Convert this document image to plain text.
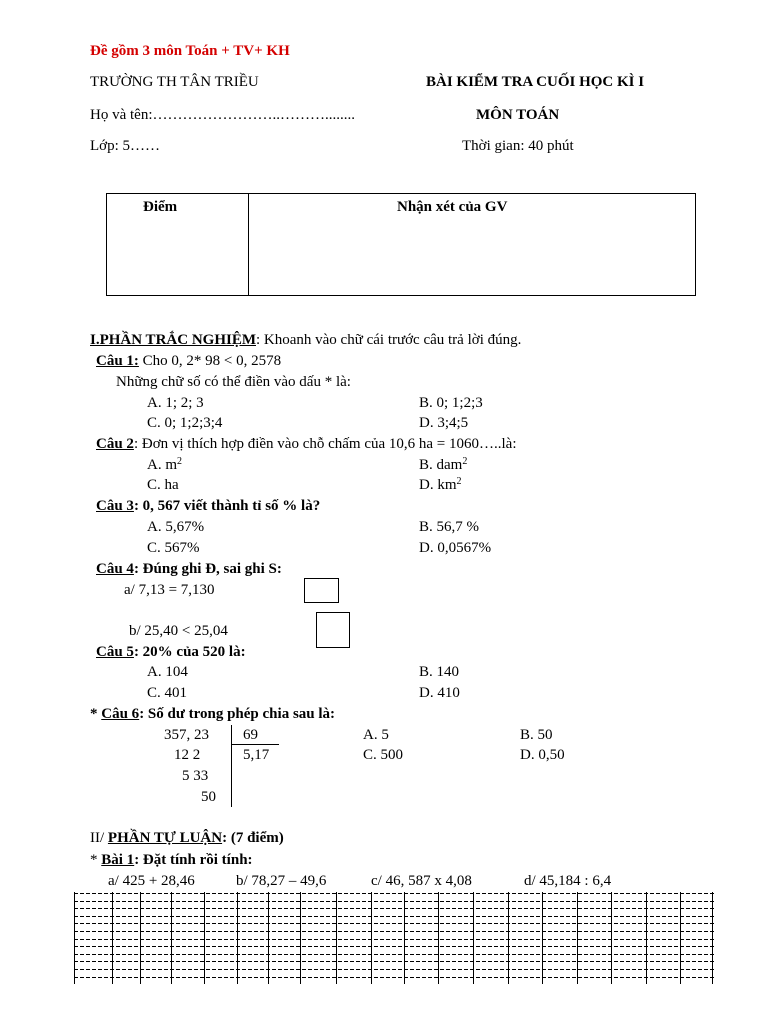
Đề gồm 3 môn Toán + TV+ KH
TRƯỜNG TH TÂN TRIỀU	BÀI KIỂM TRA CUỐI HỌC KÌ I
Họ và tên:……………………..………........	MÔN TOÁN
Lớp: 5……	Thời gian: 40 phút
Điểm	Nhận xét của GV
I.PHẦN TRẮC NGHIỆM: Khoanh vào chữ cái trước câu trả lời đúng.
Câu 1: Cho 0, 2* 98 < 0, 2578
Những chữ số có thể điền vào dấu * là:
A. 1; 2; 3	B. 0; 1;2;3
C. 0; 1;2;3;4	D. 3;4;5
Câu 2: Đơn vị thích hợp điền vào chỗ chấm của 10,6 ha = 1060…..là:
A. $m^2$	B. dam$^2$
C. ha	D. $km^2$
Câu 3: 0, 567 viết thành tỉ số % là?
A. 5,67%	B. 56,7 %
C. 567%	D. 0,0567%
Câu 4: Đúng ghi Đ, sai ghi S:
a/ 7,13 = 7,130
b/ 25,40 < 25,04
Câu 5: 20% của 520 là:
A. 104	B. 140
C. 401	D. 410
* Câu 6: Số dư trong phép chia sau là:
357, 23 69
12 2	5,17
5 33
50
A. 5	B. 50
C. 500	D. 0,50
II/ PHẦN TỰ LUẬN: (7 điểm)
* Bài 1: Đặt tính rồi tính:
a/ 425 + 28,46	b/ 78,27 – 49,6	c/ 46, 587 x 4,08	d/ 45,184 : 6,4
